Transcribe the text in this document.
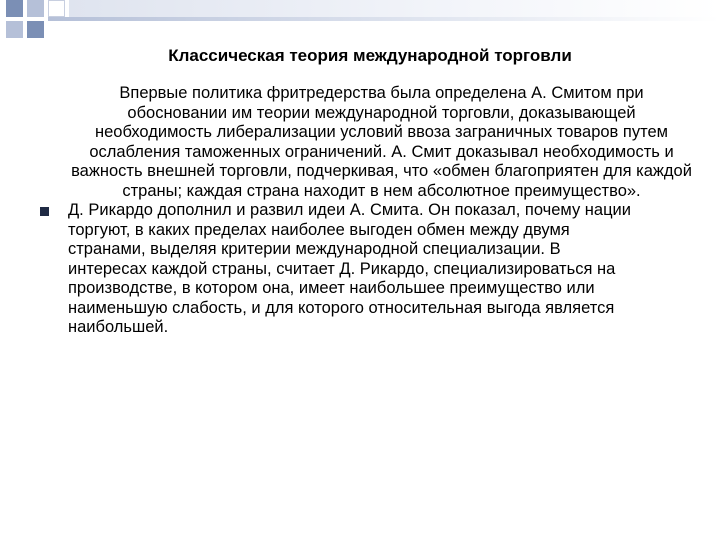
Классическая теория международной торговли

Впервые политика фритредерства была определена А. Смитом при обосновании им теории международной торговли, доказывающей необходимость либерализации условий ввоза заграничных товаров путем ослабления таможенных ограничений. А. Смит доказывал необходимость и важность внешней торговли, подчеркивая, что «обмен благоприятен для каждой страны; каждая страна находит в нем абсолютное преимущество».

Д. Рикардо дополнил и развил идеи А. Смита. Он показал, почему нации торгуют, в каких пределах наиболее выгоден обмен между двумя странами, выделяя критерии международной специализации. В интересах каждой страны, считает Д. Рикардо, специализироваться на производстве, в котором она, имеет наибольшее преимущество или наименьшую слабость, и для которого относительная выгода является наибольшей.
